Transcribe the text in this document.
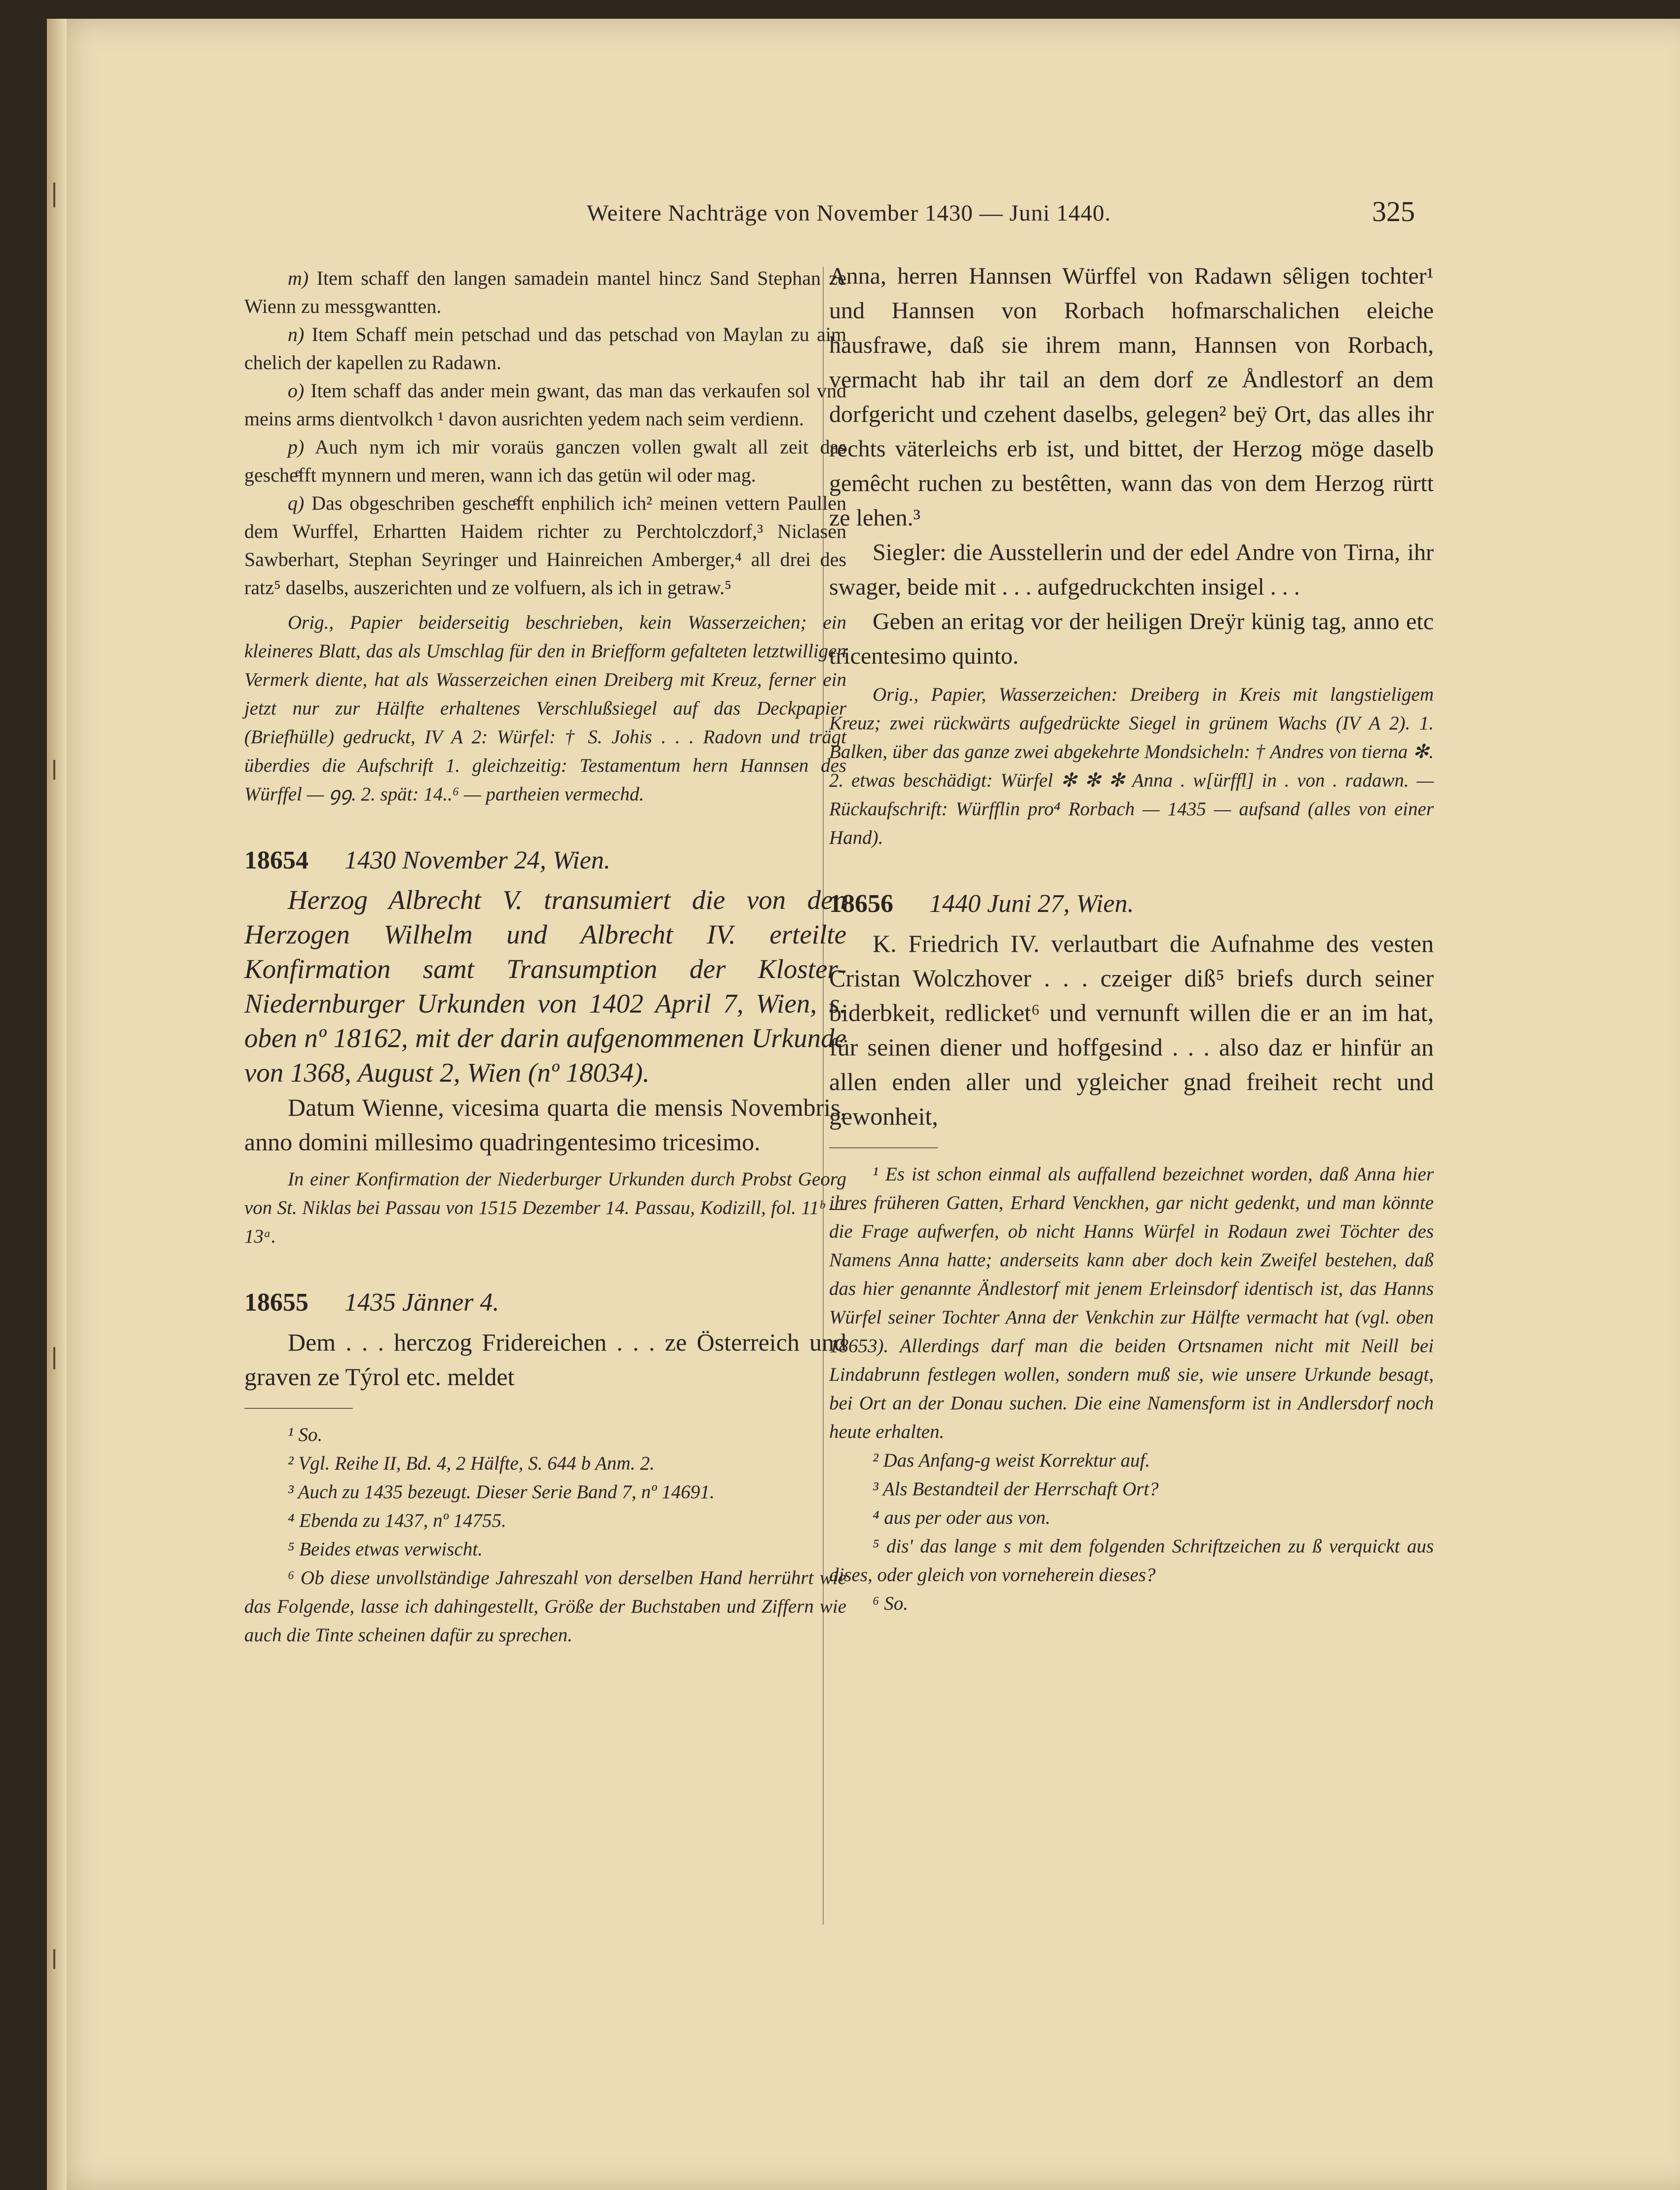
Weitere Nachträge von November 1430 — Juni 1440.	325

m) Item schaff den langen samadein mantel hincz Sand Stephan ze Wienn zu messgwantten.

n) Item Schaff mein petschad und das petschad von Maylan zu aim chelich der kapellen zu Radawn.

o) Item schaff das ander mein gwant, das man das verkaufen sol vnd meins arms dientvolkch ¹ davon ausrichten yedem nach seim verdienn.

p) Auch nym ich mir voraüs ganczen vollen gwalt all zeit das gescheͤfft mynnern und meren, wann ich das getün wil oder mag.

q) Das obgeschriben gescheͤfft enphilich ich² meinen vettern Paullen dem Wurffel, Erhartten Haidem richter zu Perchtolczdorf,³ Niclasen Sawberhart, Stephan Seyringer und Hainreichen Amberger,⁴ all drei des ratz⁵ daselbs, auszerichten und ze volfuern, als ich in getraw.⁵

Orig., Papier beiderseitig beschrieben, kein Wasserzeichen; ein kleineres Blatt, das als Umschlag für den in Briefform gefalteten letztwilligen Vermerk diente, hat als Wasserzeichen einen Dreiberg mit Kreuz, ferner ein jetzt nur zur Hälfte erhaltenes Verschlußsiegel auf das Deckpapier (Briefhülle) gedruckt, IV A 2: Würfel: † S. Johis . . . Radovn und trägt überdies die Aufschrift 1. gleichzeitig: Testamentum hern Hannsen des Würffel — ꝯꝯ. 2. spät: 14..⁶ — partheien vermechd.

18654 1430 November 24, Wien.

Herzog Albrecht V. transumiert die von den Herzogen Wilhelm und Albrecht IV. erteilte Konfirmation samt Transumption der Kloster-Niedernburger Urkunden von 1402 April 7, Wien, s. oben nº 18162, mit der darin aufgenommenen Urkunde von 1368, August 2, Wien (nº 18034).

Datum Wienne, vicesima quarta die mensis Novembris, anno domini millesimo quadringentesimo tricesimo.

In einer Konfirmation der Niederburger Urkunden durch Probst Georg von St. Niklas bei Passau von 1515 Dezember 14. Passau, Kodizill, fol. 11ᵇ — 13ᵃ.

18655 1435 Jänner 4.

Dem . . . herczog Fridereichen . . . ze Österreich und graven ze Týrol etc. meldet

¹ So.

² Vgl. Reihe II, Bd. 4, 2 Hälfte, S. 644 b Anm. 2.

³ Auch zu 1435 bezeugt. Dieser Serie Band 7, nº 14691.

⁴ Ebenda zu 1437, nº 14755.

⁵ Beides etwas verwischt.

⁶ Ob diese unvollständige Jahreszahl von derselben Hand herrührt wie das Folgende, lasse ich dahingestellt, Größe der Buchstaben und Ziffern wie auch die Tinte scheinen dafür zu sprechen.

Anna, herren Hannsen Würffel von Radawn sêligen tochter¹ und Hannsen von Rorbach hofmarschalichen eleiche hausfrawe, daß sie ihrem mann, Hannsen von Rorbach, vermacht hab ihr tail an dem dorf ze Åndlestorf an dem dorfgericht und czehent daselbs, gelegen² beÿ Ort, das alles ihr rechts väterleichs erb ist, und bittet, der Herzog möge daselb gemêcht ruchen zu bestêtten, wann das von dem Herzog rürtt ze lehen.³

Siegler: die Ausstellerin und der edel Andre von Tirna, ihr swager, beide mit . . . aufgedruckchten insigel . . .

Geben an eritag vor der heiligen Dreÿr künig tag, anno etc tricentesimo quinto.

Orig., Papier, Wasserzeichen: Dreiberg in Kreis mit langstieligem Kreuz; zwei rückwärts aufgedrückte Siegel in grünem Wachs (IV A 2). 1. Balken, über das ganze zwei abgekehrte Mondsicheln: † Andres von tierna ✻. 2. etwas beschädigt: Würfel ✻ ✻ ✻ Anna . w[ürffl] in . von . radawn. — Rückaufschrift: Würfflin pro⁴ Rorbach — 1435 — aufsand (alles von einer Hand).

18656 1440 Juni 27, Wien.

K. Friedrich IV. verlautbart die Aufnahme des vesten Cristan Wolczhover . . . czeiger diß⁵ briefs durch seiner biderbkeit, redlicket⁶ und vernunft willen die er an im hat, für seinen diener und hoffgesind . . . also daz er hinfür an allen enden aller und ygleicher gnad freiheit recht und gewonheit,

¹ Es ist schon einmal als auffallend bezeichnet worden, daß Anna hier ihres früheren Gatten, Erhard Venckhen, gar nicht gedenkt, und man könnte die Frage aufwerfen, ob nicht Hanns Würfel in Rodaun zwei Töchter des Namens Anna hatte; anderseits kann aber doch kein Zweifel bestehen, daß das hier genannte Ändlestorf mit jenem Erleinsdorf identisch ist, das Hanns Würfel seiner Tochter Anna der Venkchin zur Hälfte vermacht hat (vgl. oben 18653). Allerdings darf man die beiden Ortsnamen nicht mit Neill bei Lindabrunn festlegen wollen, sondern muß sie, wie unsere Urkunde besagt, bei Ort an der Donau suchen. Die eine Namensform ist in Andlersdorf noch heute erhalten.

² Das Anfang-g weist Korrektur auf.

³ Als Bestandteil der Herrschaft Ort?

⁴ aus per oder aus von.

⁵ dis' das lange s mit dem folgenden Schriftzeichen zu ß verquickt aus dises, oder gleich von vorneherein dieses?

⁶ So.
